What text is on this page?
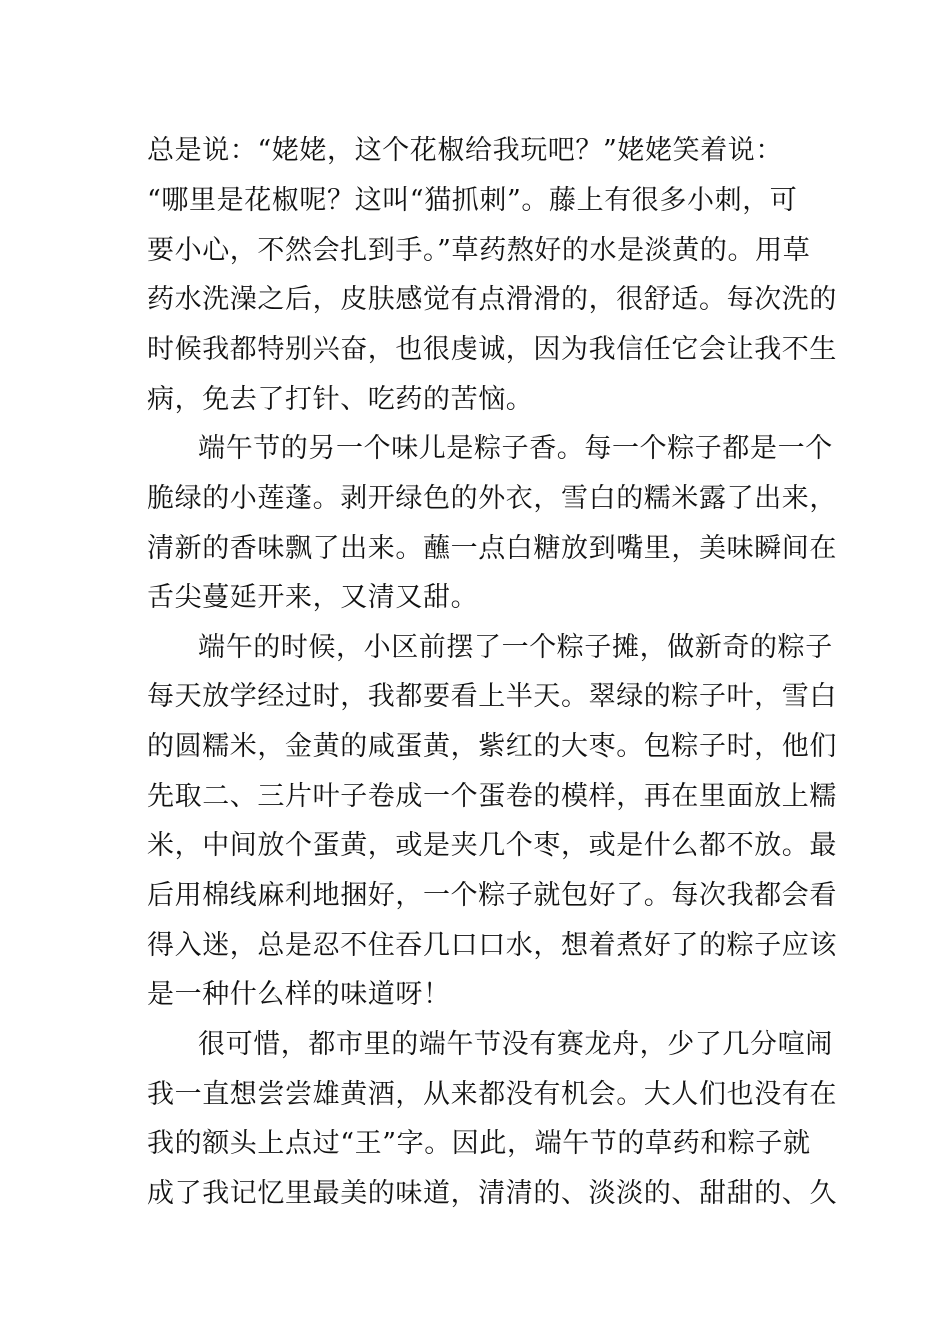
总是说：“姥姥，这个花椒给我玩吧？”姥姥笑着说：
“哪里是花椒呢？这叫“猫抓刺”。藤上有很多小刺，可
要小心，不然会扎到手。”草药熬好的水是淡黄的。用草
药水洗澡之后，皮肤感觉有点滑滑的，很舒适。每次洗的
时候我都特别兴奋，也很虔诚，因为我信任它会让我不生
病，免去了打针、吃药的苦恼。
端午节的另一个味儿是粽子香。每一个粽子都是一个
脆绿的小莲蓬。剥开绿色的外衣，雪白的糯米露了出来，
清新的香味飘了出来。蘸一点白糖放到嘴里，美味瞬间在
舌尖蔓延开来，又清又甜。
端午的时候，小区前摆了一个粽子摊，做新奇的粽子
每天放学经过时，我都要看上半天。翠绿的粽子叶，雪白
的圆糯米，金黄的咸蛋黄，紫红的大枣。包粽子时，他们
先取二、三片叶子卷成一个蛋卷的模样，再在里面放上糯
米，中间放个蛋黄，或是夹几个枣，或是什么都不放。最
后用棉线麻利地捆好，一个粽子就包好了。每次我都会看
得入迷，总是忍不住吞几口口水，想着煮好了的粽子应该
是一种什么样的味道呀！
很可惜，都市里的端午节没有赛龙舟，少了几分喧闹
我一直想尝尝雄黄酒，从来都没有机会。大人们也没有在
我的额头上点过“王”字。因此，端午节的草药和粽子就
成了我记忆里最美的味道，清清的、淡淡的、甜甜的、久
